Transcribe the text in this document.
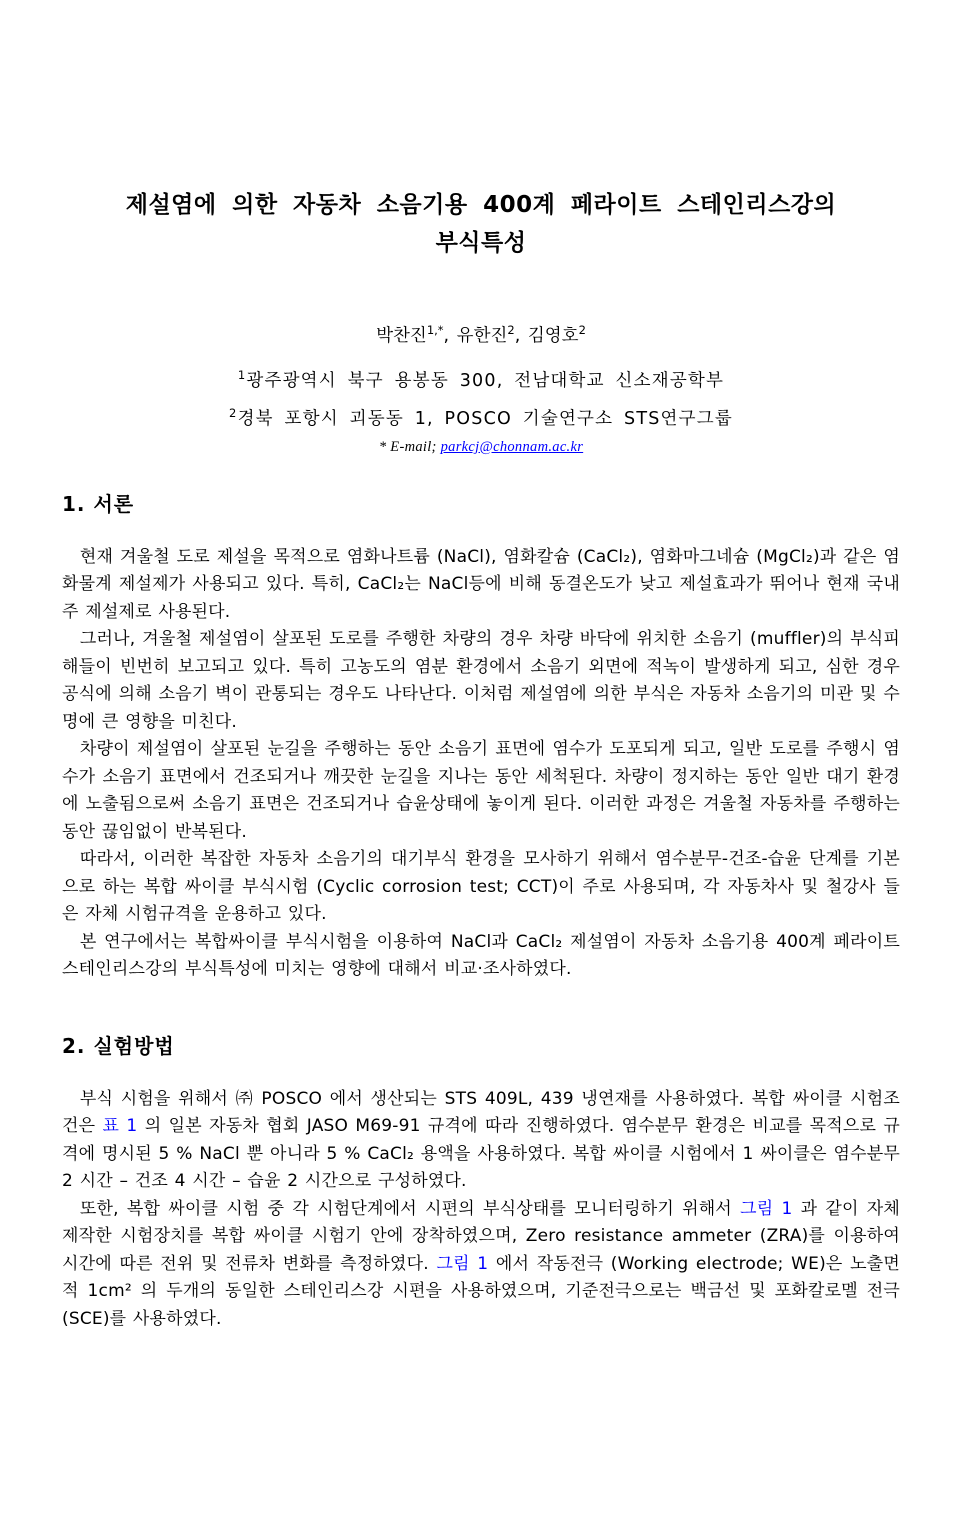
제설염에 의한 자동차 소음기용 400계 페라이트 스테인리스강의
부식특성
박찬진$^{1,*}$, 유한진$^2$, 김영호$^2$
$^1$광주광역시 북구 용봉동 300, 전남대학교 신소재공학부
$^2$경북 포항시 괴동동 1, POSCO 기술연구소 STS연구그룹
* E-mail; parkcj@chonnam.ac.kr
1. 서론

현재 겨울철 도로 제설을 목적으로 염화나트륨 (NaCl), 염화칼슘 (CaCl₂), 염화마그네슘 (MgCl₂)과 같은 염화물계 제설제가 사용되고 있다. 특히, CaCl₂는 NaCl등에 비해 동결온도가 낮고 제설효과가 뛰어나 현재 국내 주 제설제로 사용된다.

그러나, 겨울철 제설염이 살포된 도로를 주행한 차량의 경우 차량 바닥에 위치한 소음기 (muffler)의 부식피해들이 빈번히 보고되고 있다. 특히 고농도의 염분 환경에서 소음기 외면에 적녹이 발생하게 되고, 심한 경우 공식에 의해 소음기 벽이 관통되는 경우도 나타난다. 이처럼 제설염에 의한 부식은 자동차 소음기의 미관 및 수명에 큰 영향을 미친다.

차량이 제설염이 살포된 눈길을 주행하는 동안 소음기 표면에 염수가 도포되게 되고, 일반 도로를 주행시 염수가 소음기 표면에서 건조되거나 깨끗한 눈길을 지나는 동안 세척된다. 차량이 정지하는 동안 일반 대기 환경에 노출됨으로써 소음기 표면은 건조되거나 습윤상태에 놓이게 된다. 이러한 과정은 겨울철 자동차를 주행하는 동안 끊임없이 반복된다.

따라서, 이러한 복잡한 자동차 소음기의 대기부식 환경을 모사하기 위해서 염수분무-건조-습윤 단계를 기본으로 하는 복합 싸이클 부식시험 (Cyclic corrosion test; CCT)이 주로 사용되며, 각 자동차사 및 철강사 들은 자체 시험규격을 운용하고 있다.

본 연구에서는 복합싸이클 부식시험을 이용하여 NaCl과 CaCl₂ 제설염이 자동차 소음기용 400계 페라이트 스테인리스강의 부식특성에 미치는 영향에 대해서 비교·조사하였다.

2. 실험방법

부식 시험을 위해서 ㈜ POSCO 에서 생산되는 STS 409L, 439 냉연재를 사용하였다. 복합 싸이클 시험조건은 표 1 의 일본 자동차 협회 JASO M69-91 규격에 따라 진행하였다. 염수분무 환경은 비교를 목적으로 규격에 명시된 5 % NaCl 뿐 아니라 5 % CaCl₂ 용액을 사용하였다. 복합 싸이클 시험에서 1 싸이클은 염수분무 2 시간 – 건조 4 시간 – 습윤 2 시간으로 구성하였다.

또한, 복합 싸이클 시험 중 각 시험단계에서 시편의 부식상태를 모니터링하기 위해서 그림 1 과 같이 자체 제작한 시험장치를 복합 싸이클 시험기 안에 장착하였으며, Zero resistance ammeter (ZRA)를 이용하여 시간에 따른 전위 및 전류차 변화를 측정하였다. 그림 1 에서 작동전극 (Working electrode; WE)은 노출면적 1cm² 의 두개의 동일한 스테인리스강 시편을 사용하였으며, 기준전극으로는 백금선 및 포화칼로멜 전극 (SCE)를 사용하였다.
